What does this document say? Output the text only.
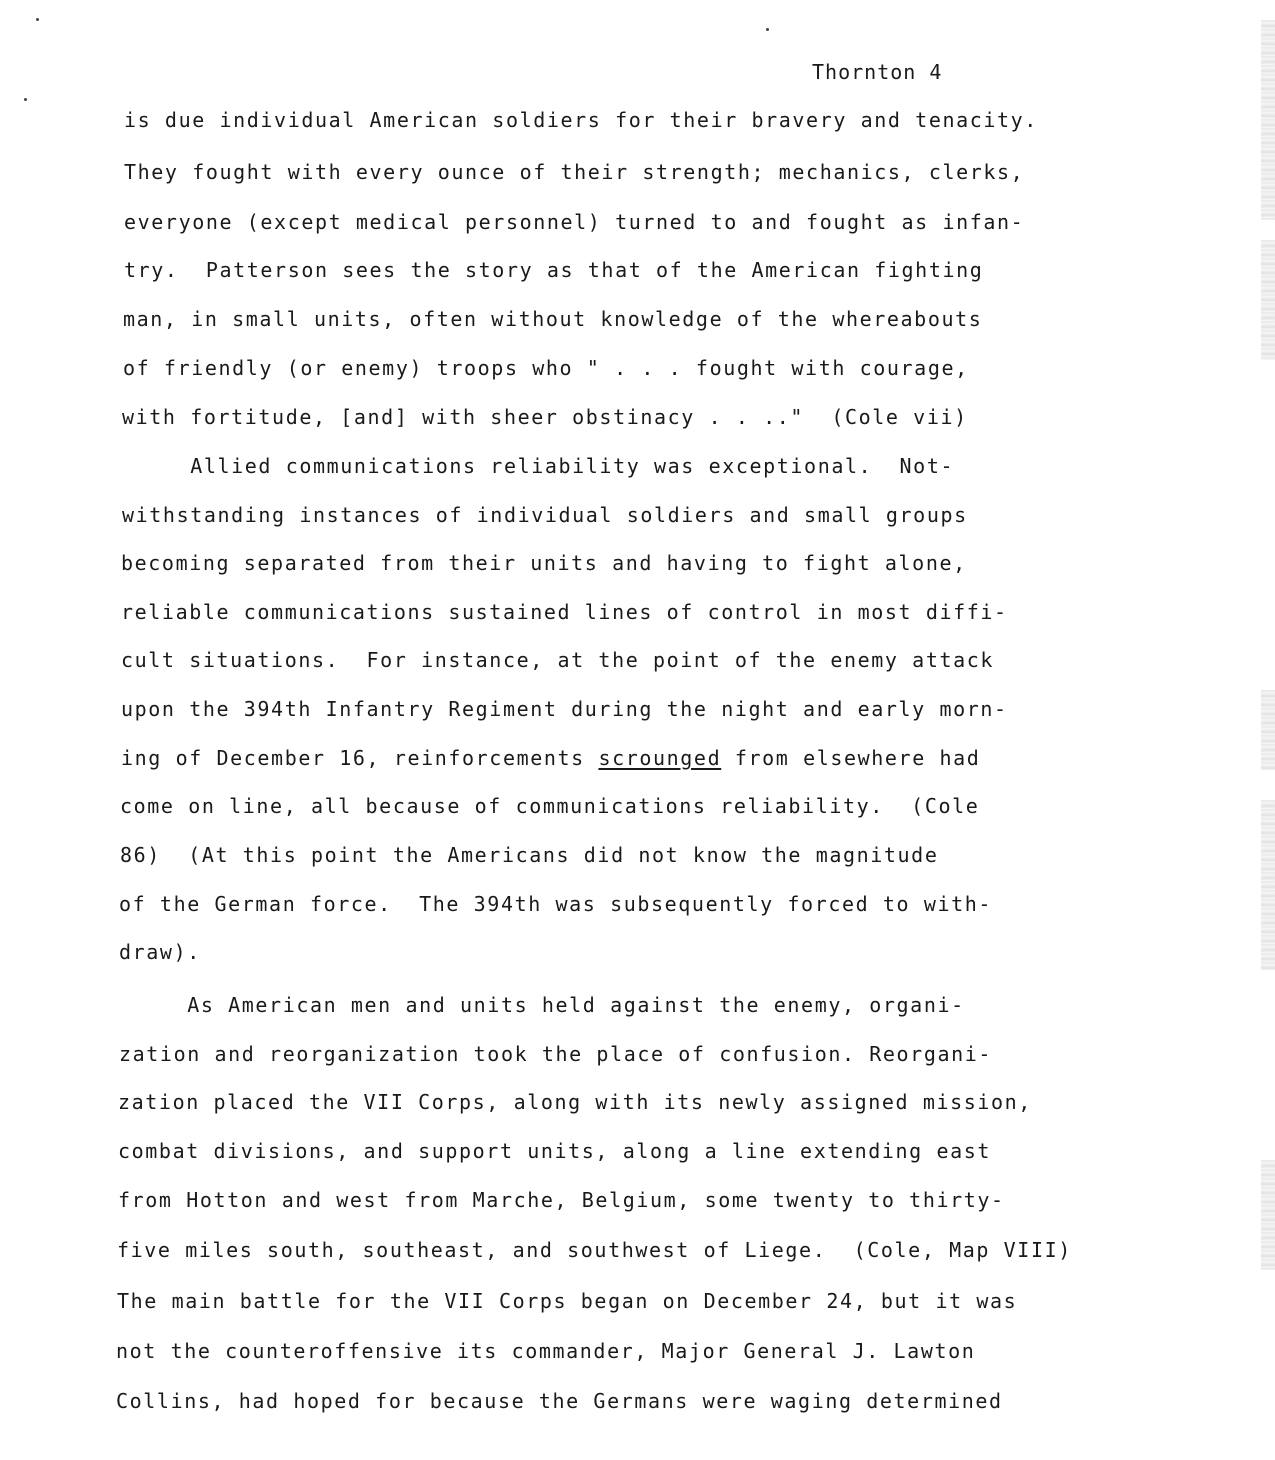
Thornton 4
is due individual American soldiers for their bravery and tenacity.
They fought with every ounce of their strength; mechanics, clerks,
everyone (except medical personnel) turned to and fought as infan-
try.  Patterson sees the story as that of the American fighting
man, in small units, often without knowledge of the whereabouts
of friendly (or enemy) troops who " . . . fought with courage,
with fortitude, [and] with sheer obstinacy . . .."  (Cole vii)
Allied communications reliability was exceptional.  Not-
withstanding instances of individual soldiers and small groups
becoming separated from their units and having to fight alone,
reliable communications sustained lines of control in most diffi-
cult situations.  For instance, at the point of the enemy attack
upon the 394th Infantry Regiment during the night and early morn-
ing of December 16, reinforcements scrounged from elsewhere had
come on line, all because of communications reliability.  (Cole
86)  (At this point the Americans did not know the magnitude
of the German force.  The 394th was subsequently forced to with-
draw).
As American men and units held against the enemy, organi-
zation and reorganization took the place of confusion. Reorgani-
zation placed the VII Corps, along with its newly assigned mission,
combat divisions, and support units, along a line extending east
from Hotton and west from Marche, Belgium, some twenty to thirty-
five miles south, southeast, and southwest of Liege.  (Cole, Map VIII)
The main battle for the VII Corps began on December 24, but it was
not the counteroffensive its commander, Major General J. Lawton
Collins, had hoped for because the Germans were waging determined
